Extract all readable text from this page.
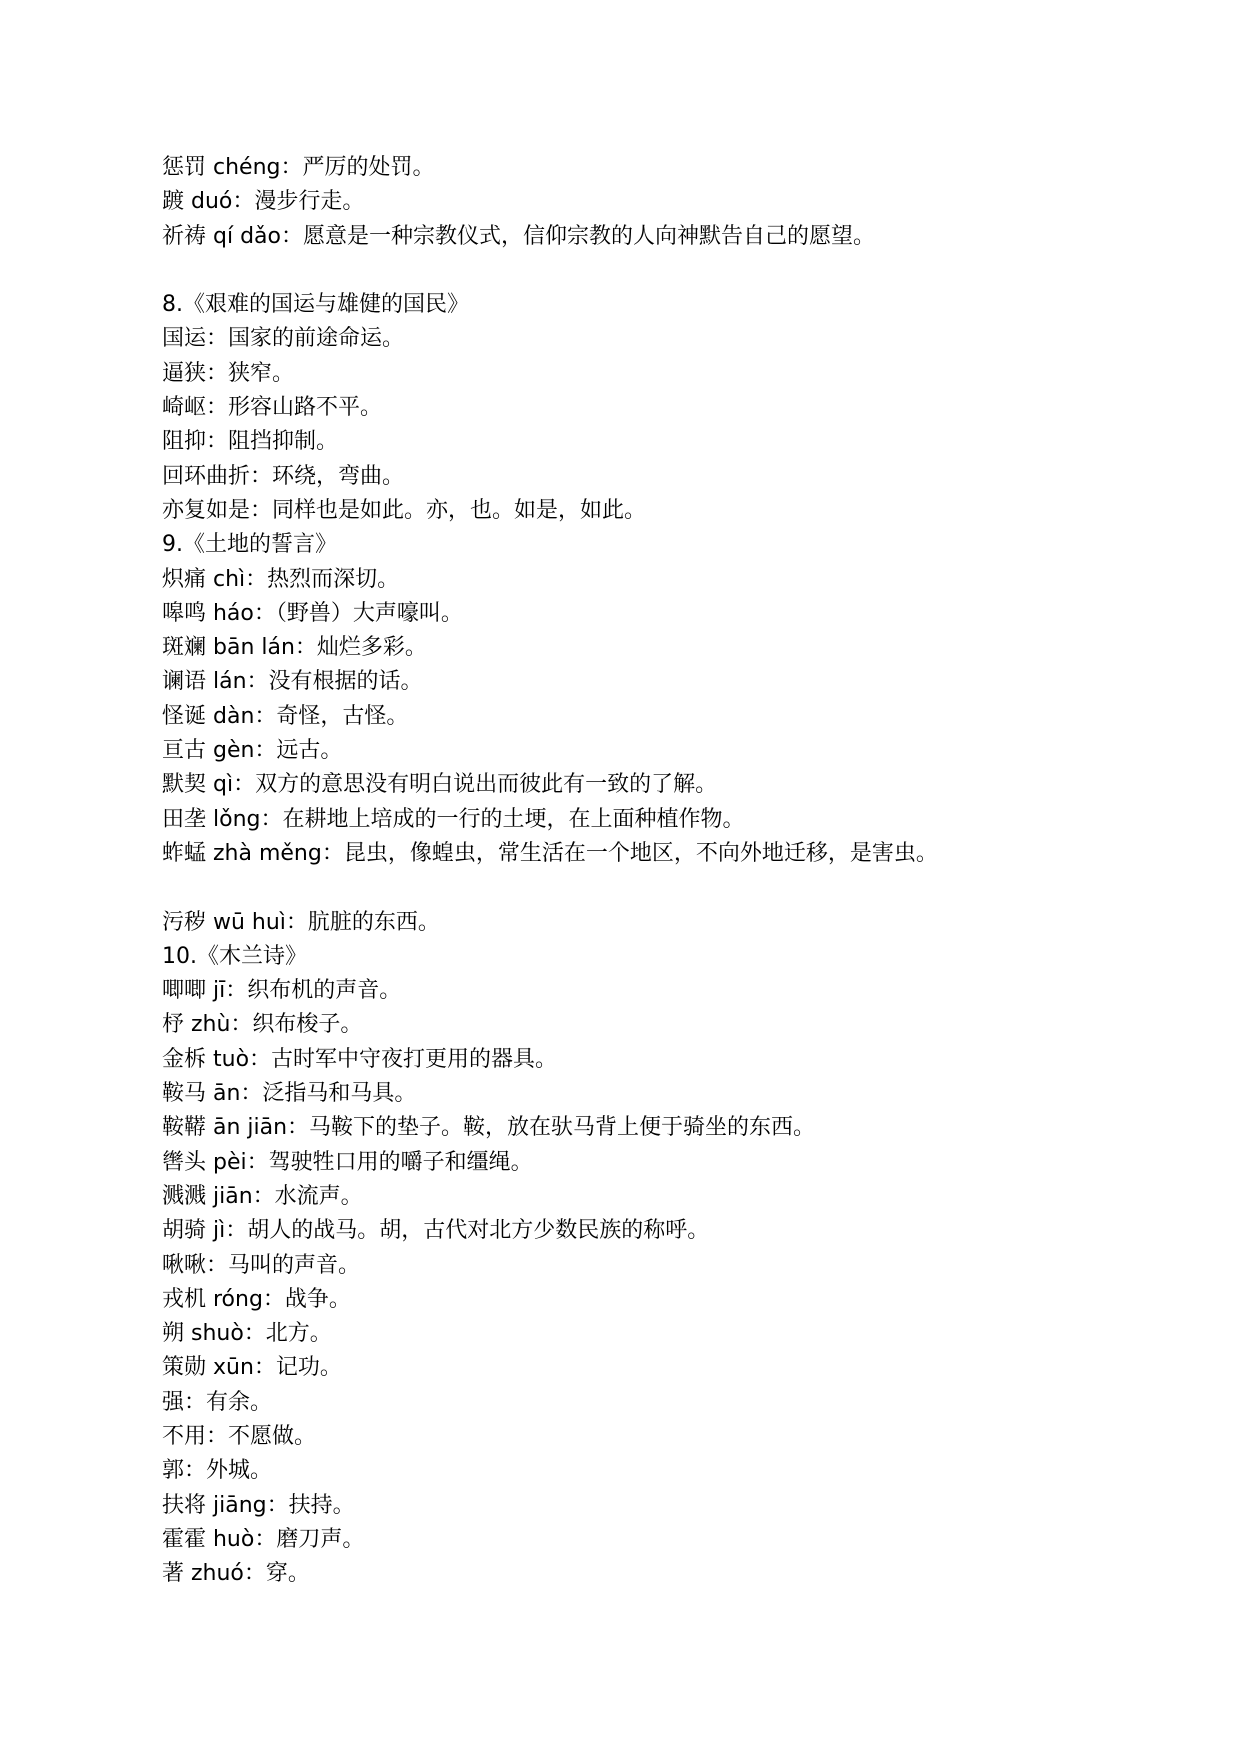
惩罚 chéng：严厉的处罚。
踱 duó：漫步行走。
祈祷 qí dǎo：愿意是一种宗教仪式，信仰宗教的人向神默告自己的愿望。
8.《艰难的国运与雄健的国民》
国运：国家的前途命运。
逼狭：狭窄。
崎岖：形容山路不平。
阻抑：阻挡抑制。
回环曲折：环绕，弯曲。
亦复如是：同样也是如此。亦，也。如是，如此。
9.《土地的誓言》
炽痛 chì：热烈而深切。
嗥鸣 háo：（野兽）大声嚎叫。
斑斓 bān lán：灿烂多彩。
谰语 lán：没有根据的话。
怪诞 dàn：奇怪，古怪。
亘古 gèn：远古。
默契 qì：双方的意思没有明白说出而彼此有一致的了解。
田垄 lǒng：在耕地上培成的一行的土埂，在上面种植作物。
蚱蜢 zhà měng：昆虫，像蝗虫，常生活在一个地区，不向外地迁移，是害虫。
污秽 wū huì：肮脏的东西。
10.《木兰诗》
唧唧 jī：织布机的声音。
杼 zhù：织布梭子。
金柝 tuò：古时军中守夜打更用的器具。
鞍马 ān：泛指马和马具。
鞍鞯 ān jiān：马鞍下的垫子。鞍，放在驮马背上便于骑坐的东西。
辔头 pèi：驾驶牲口用的嚼子和缰绳。
溅溅 jiān：水流声。
胡骑 jì：胡人的战马。胡，古代对北方少数民族的称呼。
啾啾：马叫的声音。
戎机 róng：战争。
朔 shuò：北方。
策勋 xūn：记功。
强：有余。
不用：不愿做。
郭：外城。
扶将 jiāng：扶持。
霍霍 huò：磨刀声。
著 zhuó：穿。
